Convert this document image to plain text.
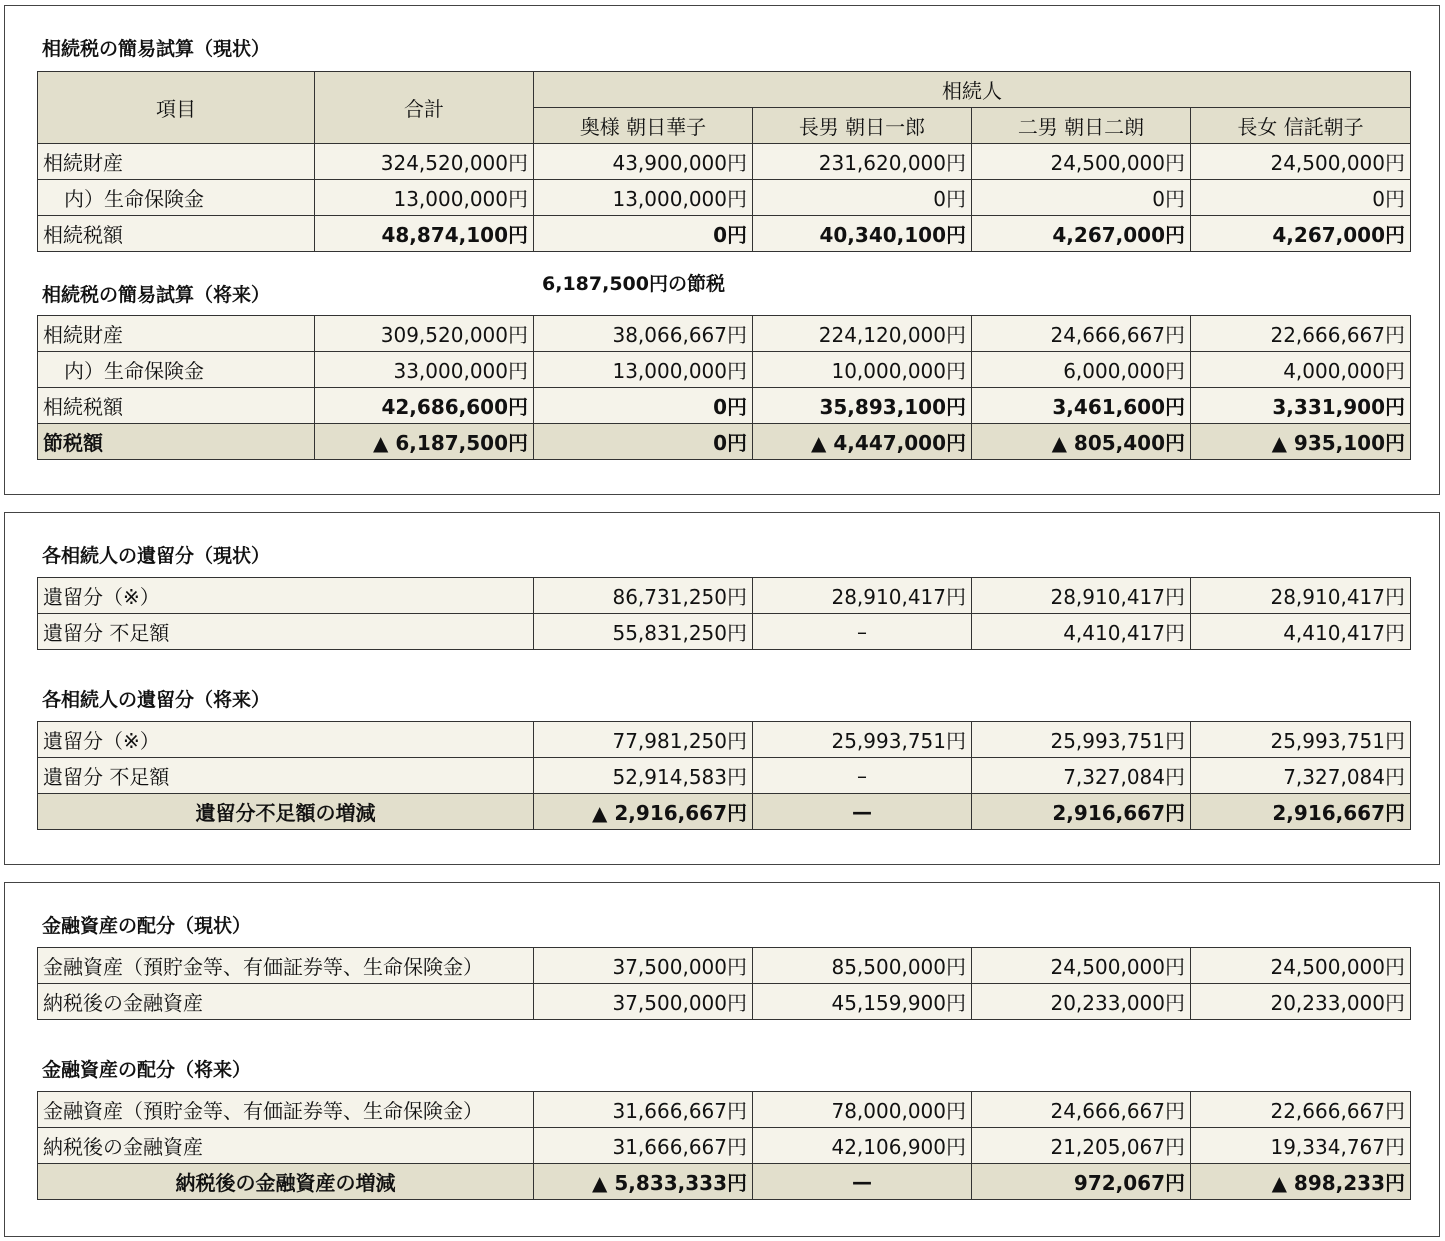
相続税の簡易試算（現状）
項目	合計	相続人			
		奥様 朝日華子	長男 朝日一郎	二男 朝日二朗	長女 信託朝子
相続財産	324,520,000円	43,900,000円	231,620,000円	24,500,000円	24,500,000円
内）生命保険金	13,000,000円	13,000,000円	0円	0円	0円
相続税額	48,874,100円	0円	40,340,100円	4,267,000円	4,267,000円
6,187,500円の節税
相続税の簡易試算（将来）
相続財産	309,520,000円	38,066,667円	224,120,000円	24,666,667円	22,666,667円
内）生命保険金	33,000,000円	13,000,000円	10,000,000円	6,000,000円	4,000,000円
相続税額	42,686,600円	0円	35,893,100円	3,461,600円	3,331,900円
節税額	▲ 6,187,500円	0円	▲ 4,447,000円	▲ 805,400円	▲ 935,100円
各相続人の遺留分（現状）
遺留分（※）	86,731,250円	28,910,417円	28,910,417円	28,910,417円
遺留分 不足額	55,831,250円	–	4,410,417円	4,410,417円
各相続人の遺留分（将来）
遺留分（※）	77,981,250円	25,993,751円	25,993,751円	25,993,751円
遺留分 不足額	52,914,583円	–	7,327,084円	7,327,084円
遺留分不足額の増減	▲ 2,916,667円	—	2,916,667円	2,916,667円
金融資産の配分（現状）
金融資産（預貯金等、有価証券等、生命保険金）	37,500,000円	85,500,000円	24,500,000円	24,500,000円
納税後の金融資産	37,500,000円	45,159,900円	20,233,000円	20,233,000円
金融資産の配分（将来）
金融資産（預貯金等、有価証券等、生命保険金）	31,666,667円	78,000,000円	24,666,667円	22,666,667円
納税後の金融資産	31,666,667円	42,106,900円	21,205,067円	19,334,767円
納税後の金融資産の増減	▲ 5,833,333円	—	972,067円	▲ 898,233円
